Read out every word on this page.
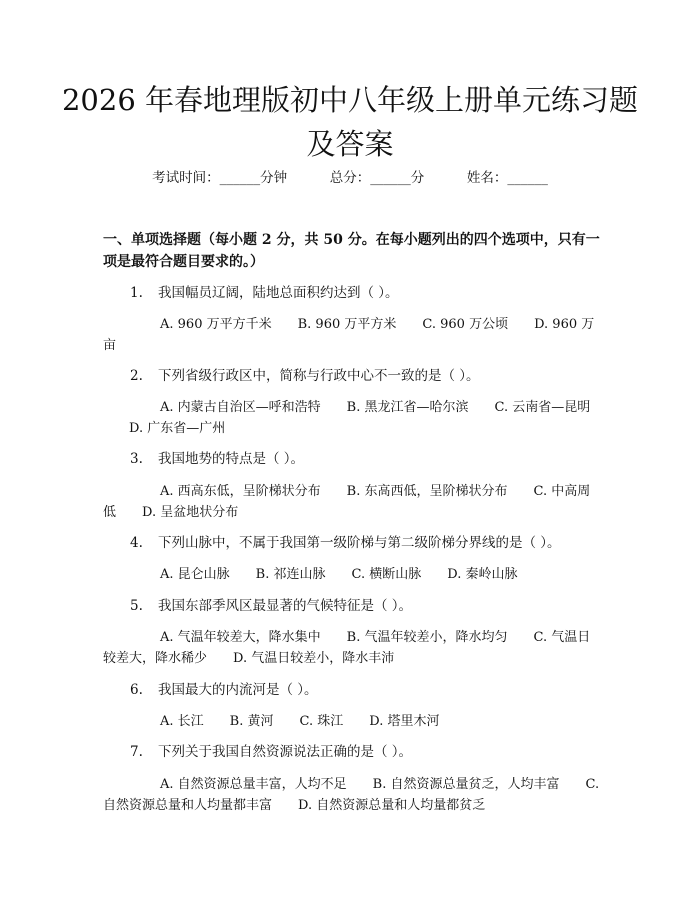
2026 年春地理版初中八年级上册单元练习题及答案
考试时间：______分钟	总分：______分	姓名：______
一、单项选择题（每小题 2 分，共 50 分。在每小题列出的四个选项中，只有一项是最符合题目要求的。）
1. 我国幅员辽阔，陆地总面积约达到（ ）。
A. 960 万平方千米 B. 960 万平方米 C. 960 万公顷 D. 960 万亩
2. 下列省级行政区中，简称与行政中心不一致的是（ ）。
A. 内蒙古自治区—呼和浩特 B. 黑龙江省—哈尔滨 C. 云南省—昆明D. 广东省—广州
3. 我国地势的特点是（ ）。
A. 西高东低，呈阶梯状分布 B. 东高西低，呈阶梯状分布 C. 中高周低 D. 呈盆地状分布
4. 下列山脉中，不属于我国第一级阶梯与第二级阶梯分界线的是（ ）。
A. 昆仑山脉 B. 祁连山脉 C. 横断山脉 D. 秦岭山脉
5. 我国东部季风区最显著的气候特征是（ ）。
A. 气温年较差大，降水集中 B. 气温年较差小，降水均匀 C. 气温日较差大，降水稀少 D. 气温日较差小，降水丰沛
6. 我国最大的内流河是（ ）。
A. 长江 B. 黄河 C. 珠江 D. 塔里木河
7. 下列关于我国自然资源说法正确的是（ ）。
A. 自然资源总量丰富，人均不足 B. 自然资源总量贫乏，人均丰富 C. 自然资源总量和人均量都丰富 D. 自然资源总量和人均量都贫乏
